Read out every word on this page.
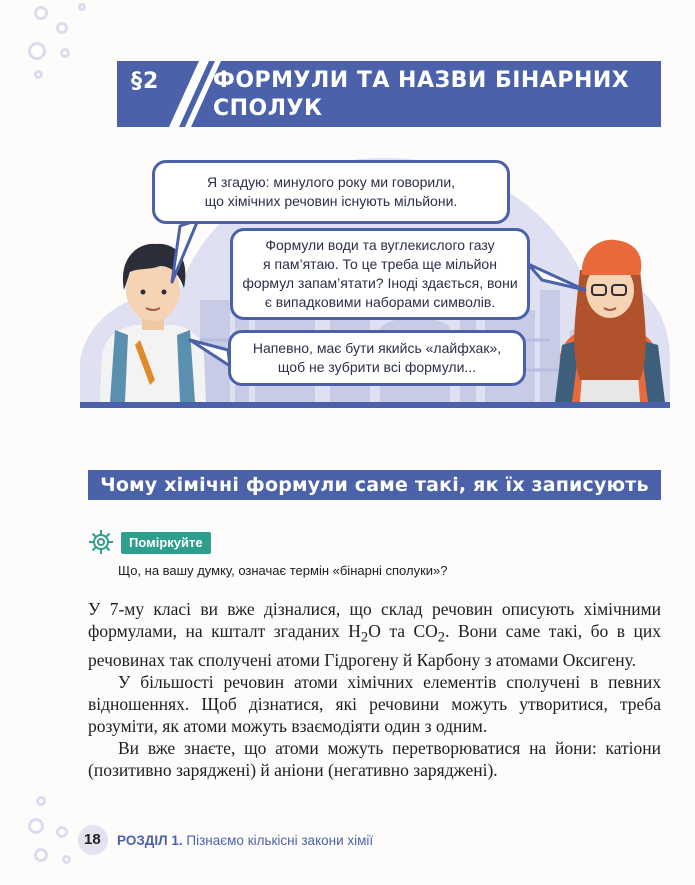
§2 ФОРМУЛИ ТА НАЗВИ БІНАРНИХ СПОЛУК
Я згадую: минулого року ми говорили,
що хімічних речовин існують мільйони.
Формули води та вуглекислого газу
я пам’ятаю. То це треба ще мільйон
формул запам’ятати? Іноді здається, вони
є випадковими наборами символів.
Напевно, має бути якийсь «лайфхак»,
щоб не зубрити всі формули...
Чому хімічні формули саме такі, як їх записують
Поміркуйте
Що, на вашу думку, означає термін «бінарні сполуки»?

У 7-му класі ви вже дізналися, що склад речовин описують хімічними формулами, на кшталт згаданих $H_2O$ та $CO_2$. Вони саме такі, бо в цих речовинах так сполучені атоми Гідрогену й Карбону з атомами Оксигену.

У більшості речовин атоми хімічних елементів сполучені в певних відношеннях. Щоб дізнатися, які речовини можуть утворитися, треба розуміти, як атоми можуть взаємодіяти один з одним.

Ви вже знаєте, що атоми можуть перетворюватися на йони: катіони (позитивно заряджені) й аніони (негативно заряджені).

18 РОЗДІЛ 1. Пізнаємо кількісні закони хімії
